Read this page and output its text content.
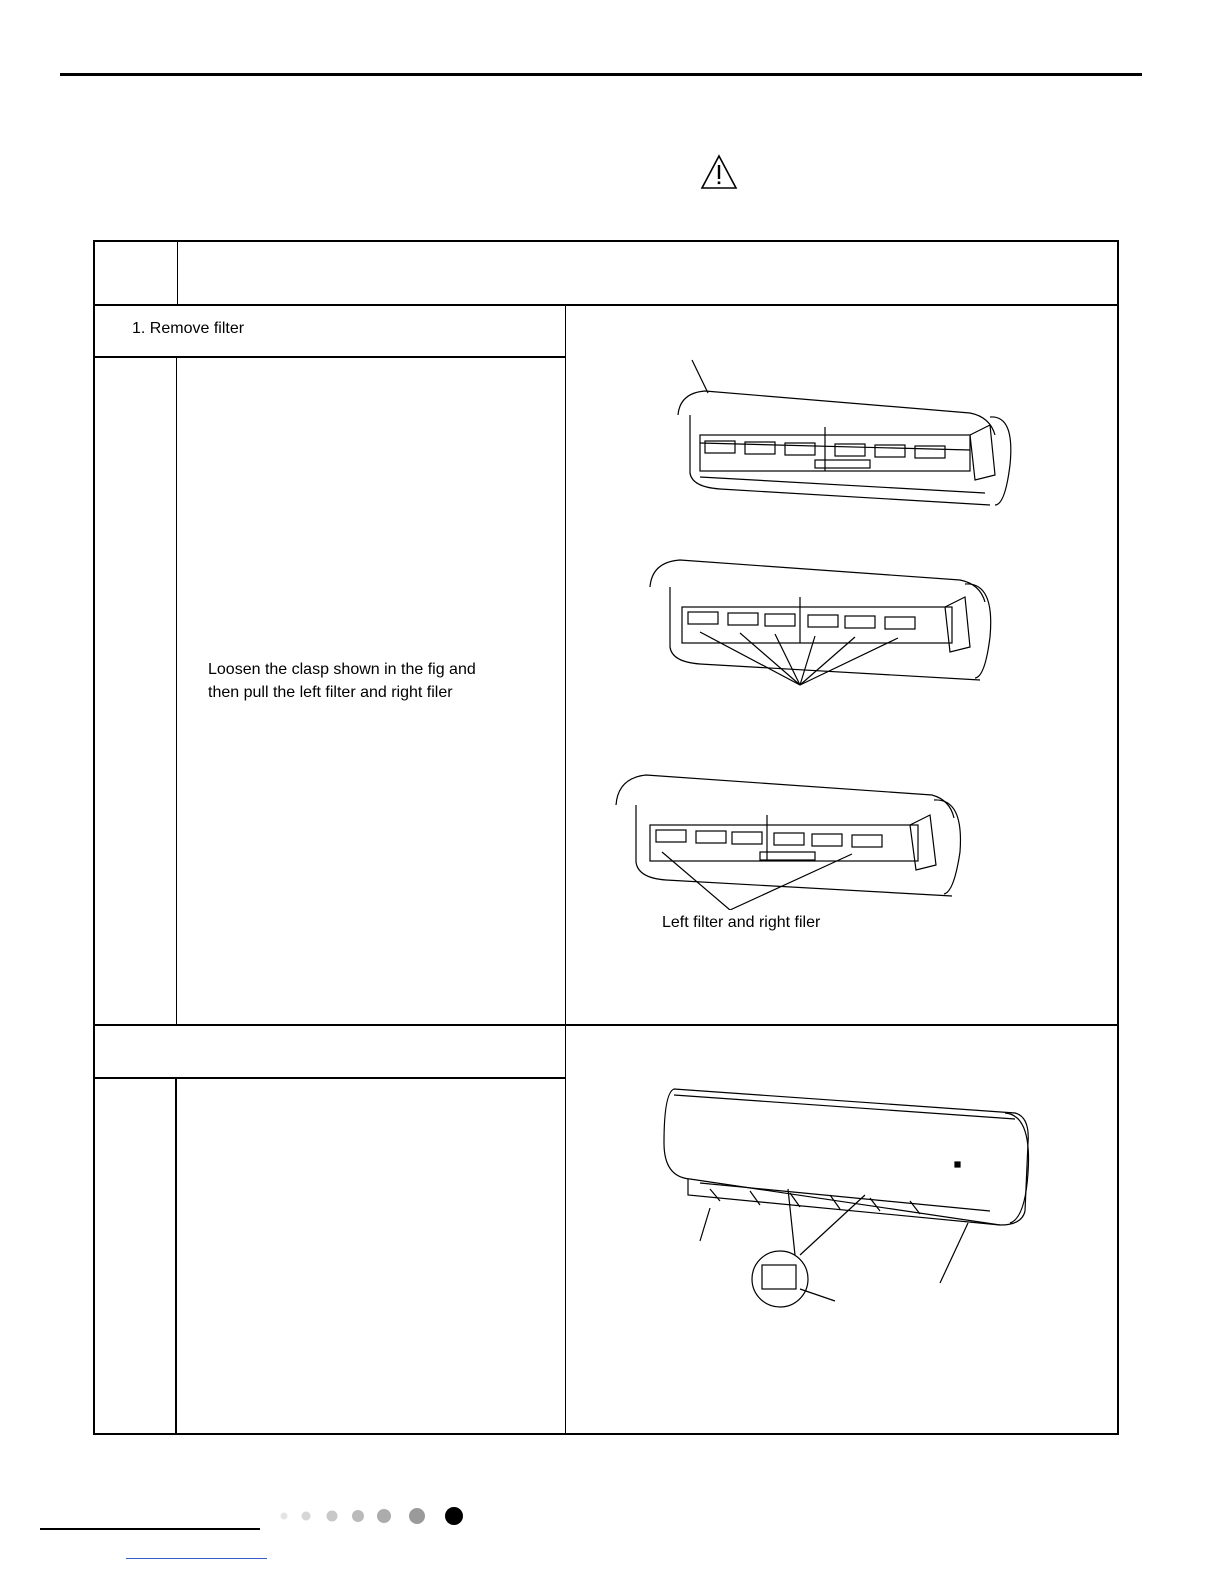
1. Remove filter
Loosen the clasp shown in the fig and
then pull the left filter and right filer
Left filter and right filer
